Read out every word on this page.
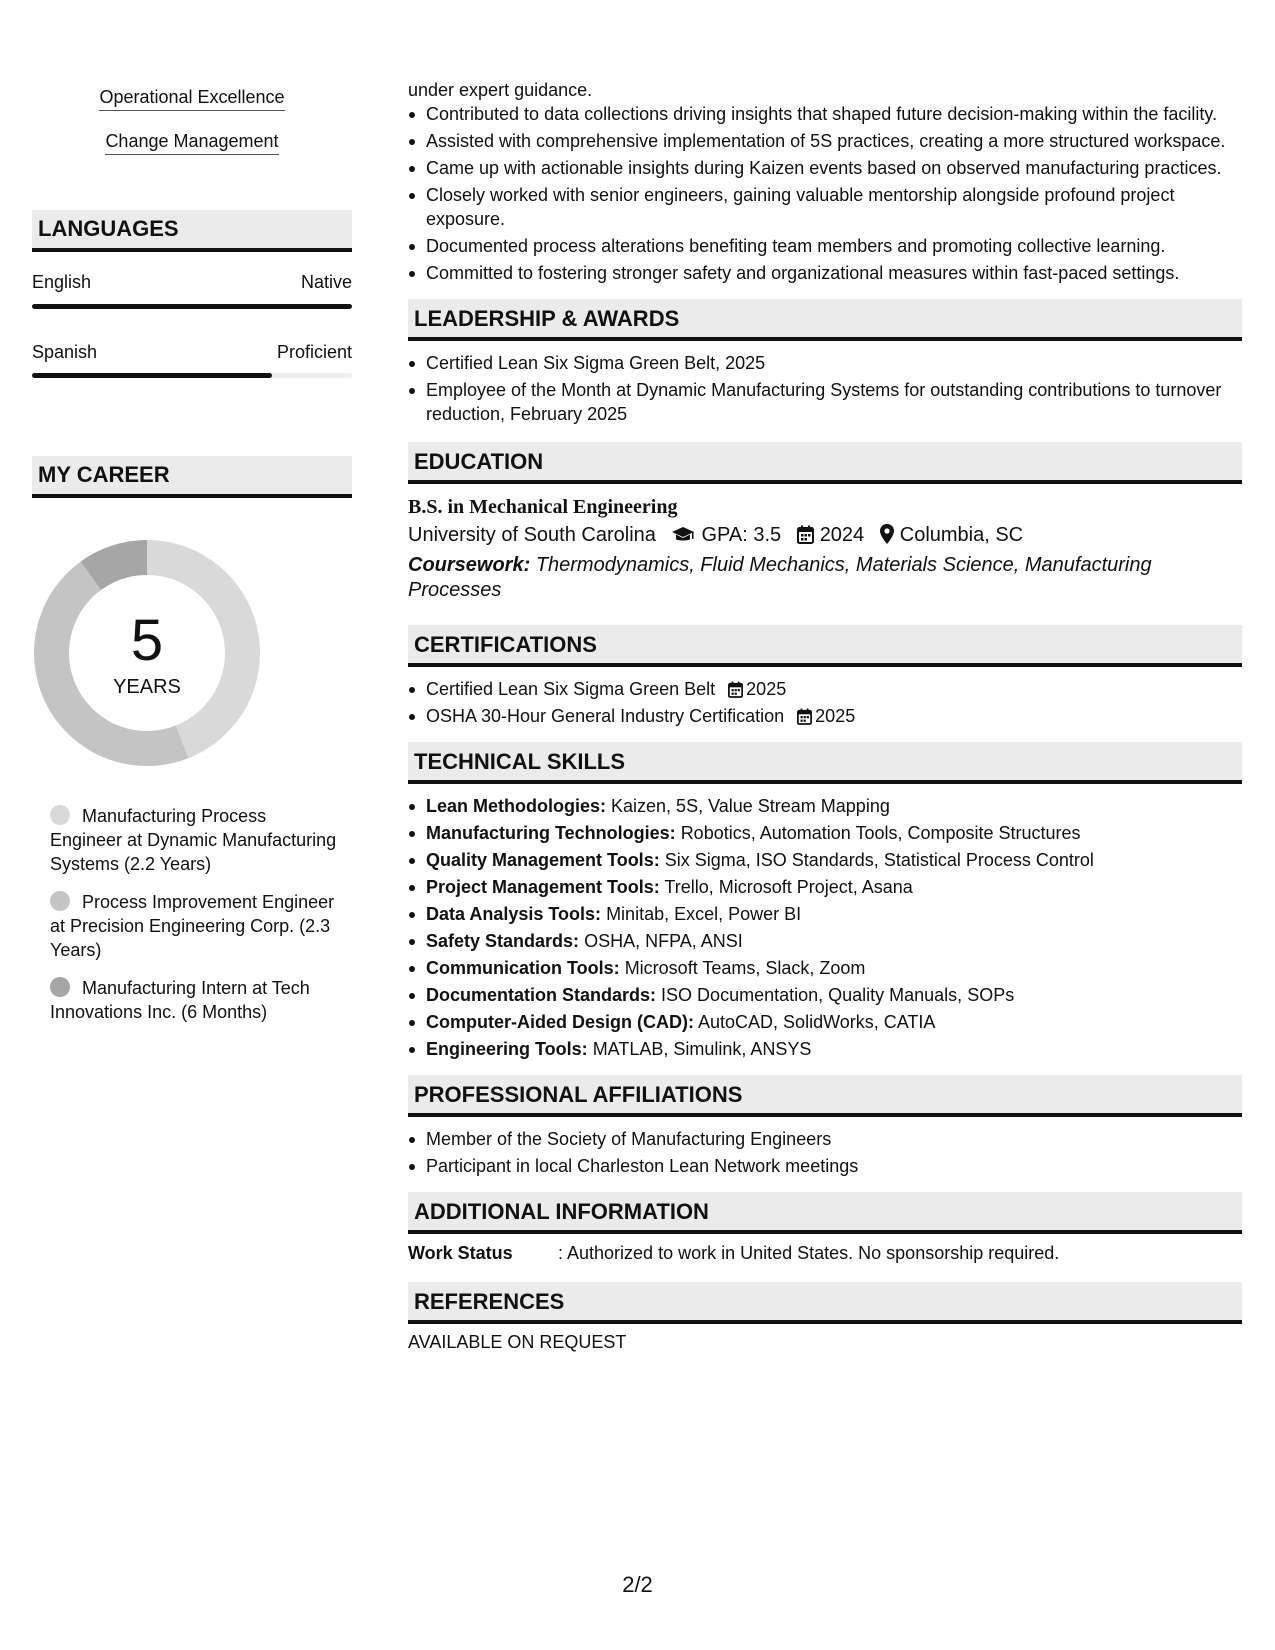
Operational Excellence
Change Management
LANGUAGES
English	Native
Spanish	Proficient
MY CAREER
5
YEARS
Manufacturing Process Engineer at Dynamic Manufacturing Systems (2.2 Years)
Process Improvement Engineer at Precision Engineering Corp. (2.3 Years)
Manufacturing Intern at Tech Innovations Inc. (6 Months)
under expert guidance.
Contributed to data collections driving insights that shaped future decision-making within the facility.
Assisted with comprehensive implementation of 5S practices, creating a more structured workspace.
Came up with actionable insights during Kaizen events based on observed manufacturing practices.
Closely worked with senior engineers, gaining valuable mentorship alongside profound project exposure.
Documented process alterations benefiting team members and promoting collective learning.
Committed to fostering stronger safety and organizational measures within fast-paced settings.
LEADERSHIP & AWARDS
Certified Lean Six Sigma Green Belt, 2025
Employee of the Month at Dynamic Manufacturing Systems for outstanding contributions to turnover reduction, February 2025
EDUCATION
B.S. in Mechanical Engineering
University of South Carolina GPA: 3.5 2024 Columbia, SC
Coursework: Thermodynamics, Fluid Mechanics, Materials Science, Manufacturing Processes
CERTIFICATIONS
Certified Lean Six Sigma Green Belt 2025
OSHA 30-Hour General Industry Certification 2025
TECHNICAL SKILLS
Lean Methodologies: Kaizen, 5S, Value Stream Mapping
Manufacturing Technologies: Robotics, Automation Tools, Composite Structures
Quality Management Tools: Six Sigma, ISO Standards, Statistical Process Control
Project Management Tools: Trello, Microsoft Project, Asana
Data Analysis Tools: Minitab, Excel, Power BI
Safety Standards: OSHA, NFPA, ANSI
Communication Tools: Microsoft Teams, Slack, Zoom
Documentation Standards: ISO Documentation, Quality Manuals, SOPs
Computer-Aided Design (CAD): AutoCAD, SolidWorks, CATIA
Engineering Tools: MATLAB, Simulink, ANSYS
PROFESSIONAL AFFILIATIONS
Member of the Society of Manufacturing Engineers
Participant in local Charleston Lean Network meetings
ADDITIONAL INFORMATION
Work Status	: Authorized to work in United States. No sponsorship required.
REFERENCES
AVAILABLE ON REQUEST
2/2
